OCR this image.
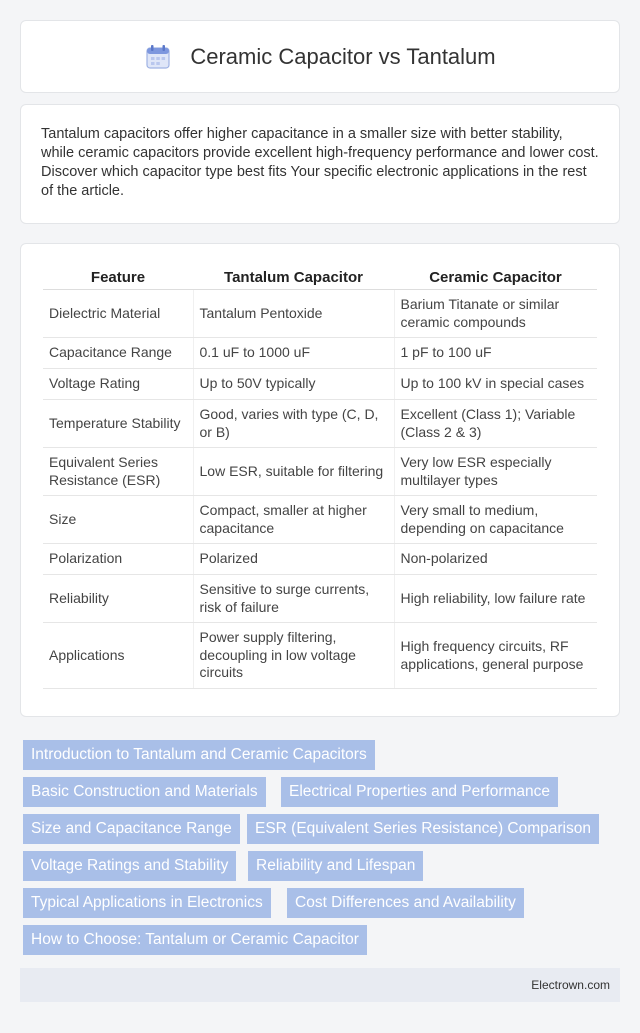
Ceramic Capacitor vs Tantalum

Tantalum capacitors offer higher capacitance in a smaller size with better stability, while ceramic capacitors provide excellent high-frequency performance and lower cost. Discover which capacitor type best fits Your specific electronic applications in the rest of the article.

Feature	Tantalum Capacitor	Ceramic Capacitor
Dielectric Material	Tantalum Pentoxide	Barium Titanate or similar ceramic compounds
Capacitance Range	0.1 uF to 1000 uF	1 pF to 100 uF
Voltage Rating	Up to 50V typically	Up to 100 kV in special cases
Temperature Stability	Good, varies with type (C, D, or B)	Excellent (Class 1); Variable (Class 2 & 3)
Equivalent Series Resistance (ESR)	Low ESR, suitable for filtering	Very low ESR especially multilayer types
Size	Compact, smaller at higher capacitance	Very small to medium, depending on capacitance
Polarization	Polarized	Non-polarized
Reliability	Sensitive to surge currents, risk of failure	High reliability, low failure rate
Applications	Power supply filtering, decoupling in low voltage circuits	High frequency circuits, RF applications, general purpose
Introduction to Tantalum and Ceramic Capacitors
Basic Construction and Materials	Electrical Properties and Performance
Size and Capacitance Range	ESR (Equivalent Series Resistance) Comparison
Voltage Ratings and Stability	Reliability and Lifespan
Typical Applications in Electronics	Cost Differences and Availability
How to Choose: Tantalum or Ceramic Capacitor
Electrown.com
